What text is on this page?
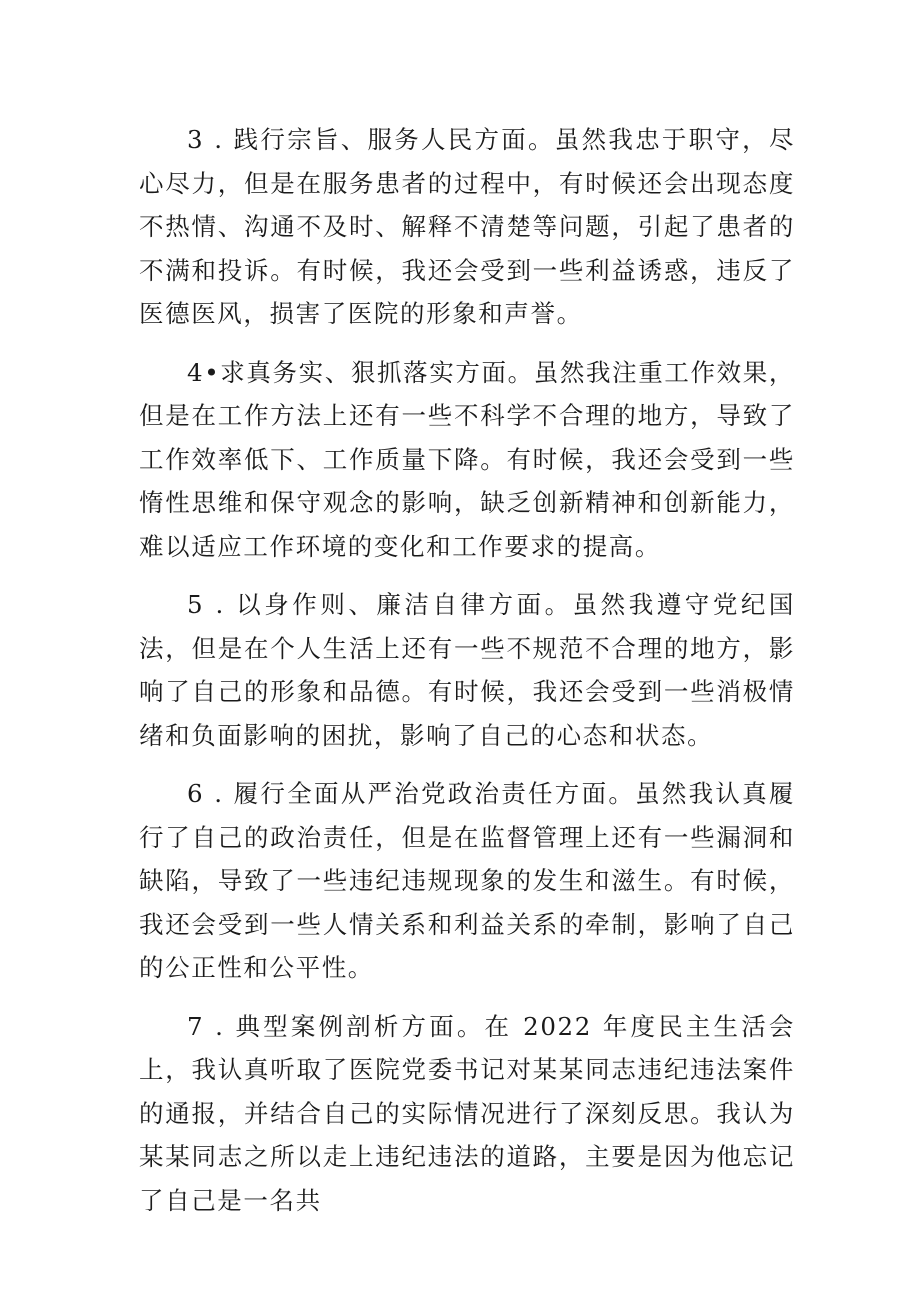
3 . 践行宗旨、服务人民方面。虽然我忠于职守，尽心尽力，但是在服务患者的过程中，有时候还会出现态度不热情、沟通不及时、解释不清楚等问题，引起了患者的不满和投诉。有时候，我还会受到一些利益诱惑，违反了医德医风，损害了医院的形象和声誉。

4•求真务实、狠抓落实方面。虽然我注重工作效果，但是在工作方法上还有一些不科学不合理的地方，导致了工作效率低下、工作质量下降。有时候，我还会受到一些惰性思维和保守观念的影响，缺乏创新精神和创新能力，难以适应工作环境的变化和工作要求的提高。

5 . 以身作则、廉洁自律方面。虽然我遵守党纪国法，但是在个人生活上还有一些不规范不合理的地方，影响了自己的形象和品德。有时候，我还会受到一些消极情绪和负面影响的困扰，影响了自己的心态和状态。

6 . 履行全面从严治党政治责任方面。虽然我认真履行了自己的政治责任，但是在监督管理上还有一些漏洞和缺陷，导致了一些违纪违规现象的发生和滋生。有时候，我还会受到一些人情关系和利益关系的牵制，影响了自己的公正性和公平性。

7 . 典型案例剖析方面。在 2022 年度民主生活会上，我认真听取了医院党委书记对某某同志违纪违法案件的通报，并结合自己的实际情况进行了深刻反思。我认为某某同志之所以走上违纪违法的道路，主要是因为他忘记了自己是一名共
